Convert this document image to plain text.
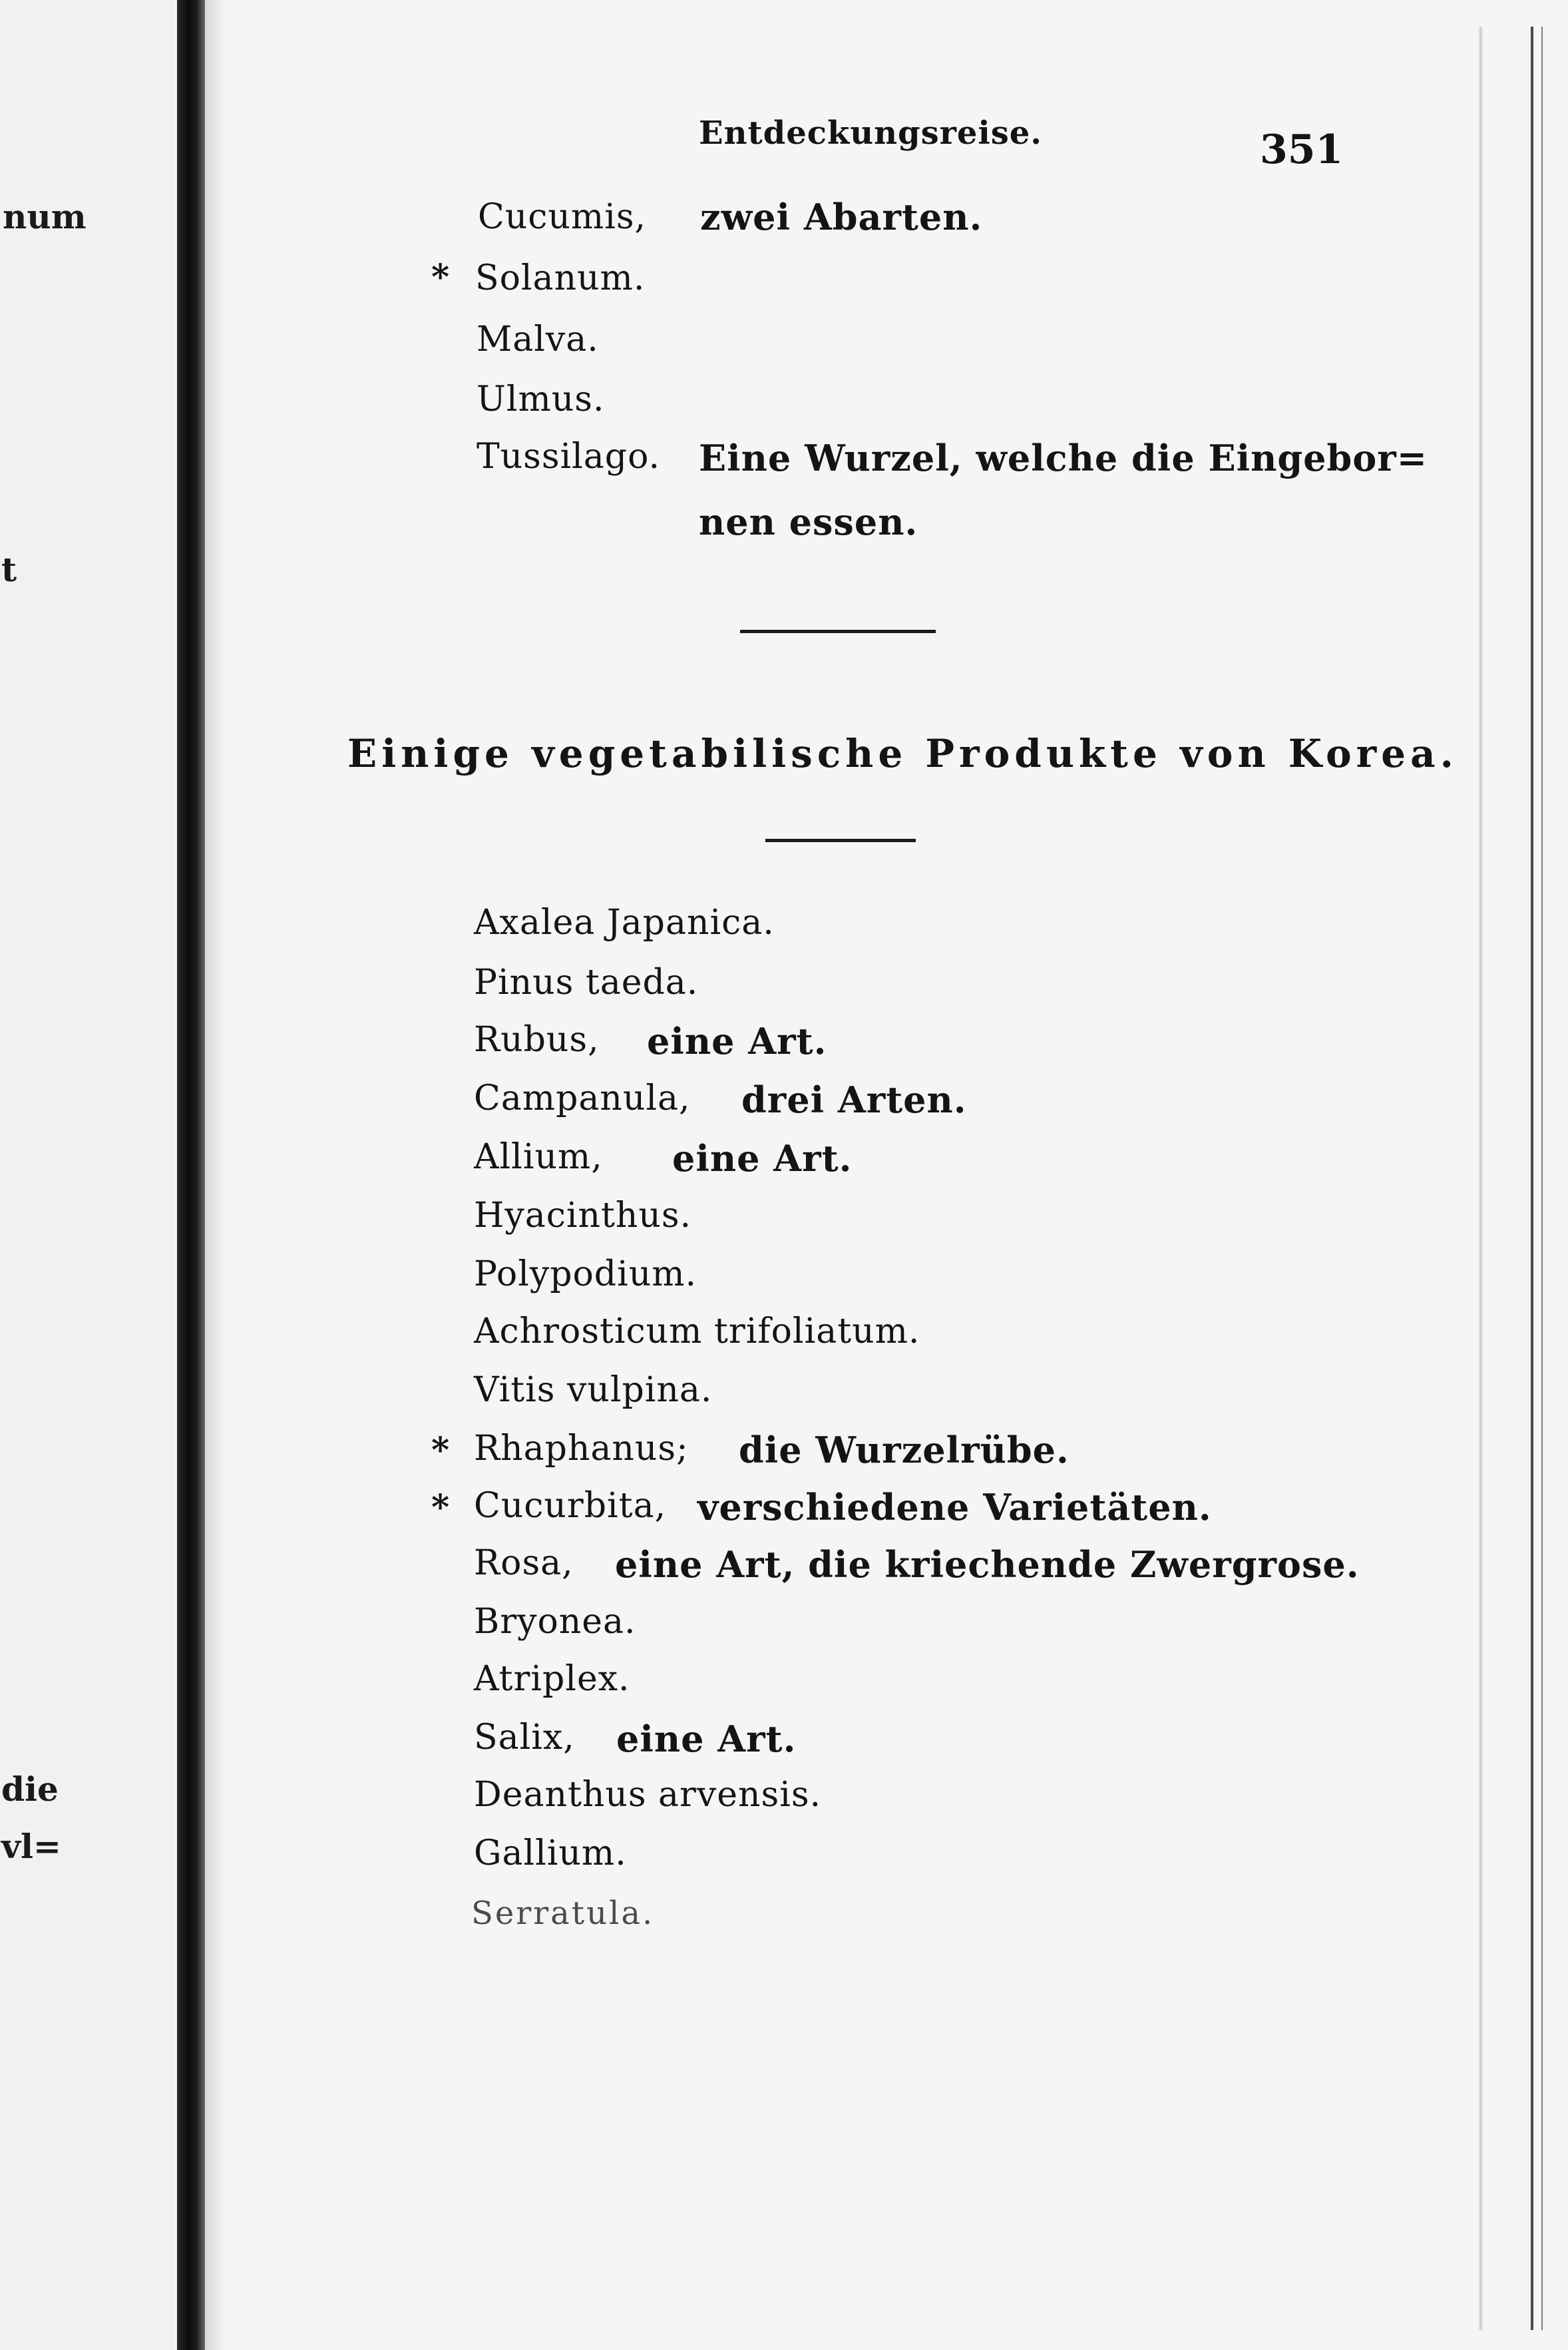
num
t
die
vl=
Entdeckungsreise.	351
Cucumis, zwei Abarten.
* Solanum.
Malva.
Ulmus.
Tussilago. Eine Wurzel, welche die Eingebor=
nen essen.
Einige vegetabilische Produkte von Korea.
Axalea Japanica.
Pinus taeda.
Rubus, eine Art.
Campanula, drei Arten.
Allium, eine Art.
Hyacinthus.
Polypodium.
Achrosticum trifoliatum.
Vitis vulpina.
* Rhaphanus; die Wurzelrübe.
* Cucurbita, verschiedene Varietäten.
Rosa, eine Art, die kriechende Zwergrose.
Bryonea.
Atriplex.
Salix, eine Art.
Deanthus arvensis.
Gallium.
Serratula.
